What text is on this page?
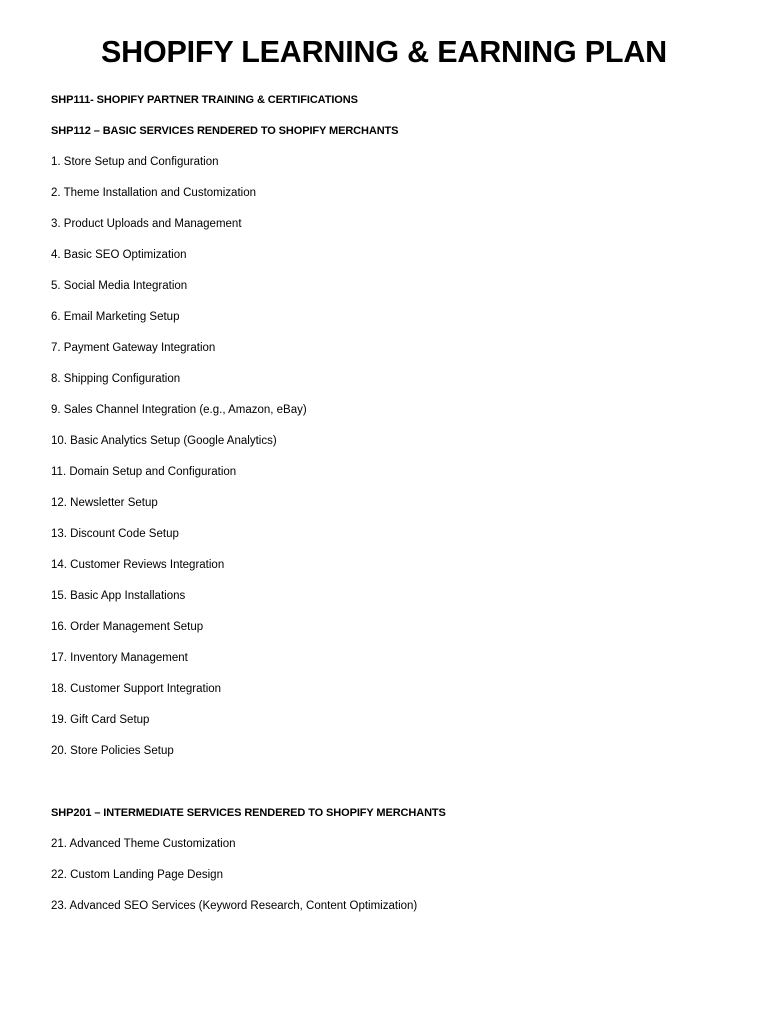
SHOPIFY LEARNING & EARNING PLAN
SHP111- SHOPIFY PARTNER TRAINING & CERTIFICATIONS
SHP112 – BASIC SERVICES RENDERED TO SHOPIFY MERCHANTS
1. Store Setup and Configuration
2. Theme Installation and Customization
3. Product Uploads and Management
4. Basic SEO Optimization
5. Social Media Integration
6. Email Marketing Setup
7. Payment Gateway Integration
8. Shipping Configuration
9. Sales Channel Integration (e.g., Amazon, eBay)
10. Basic Analytics Setup (Google Analytics)
11. Domain Setup and Configuration
12. Newsletter Setup
13. Discount Code Setup
14. Customer Reviews Integration
15. Basic App Installations
16. Order Management Setup
17. Inventory Management
18. Customer Support Integration
19. Gift Card Setup
20. Store Policies Setup
SHP201 – INTERMEDIATE SERVICES RENDERED TO SHOPIFY MERCHANTS
21. Advanced Theme Customization
22. Custom Landing Page Design
23. Advanced SEO Services (Keyword Research, Content Optimization)
